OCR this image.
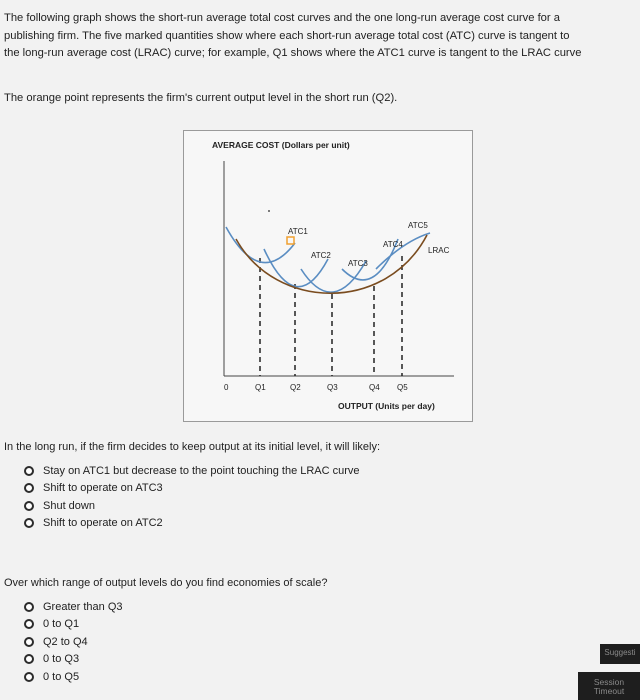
The following graph shows the short-run average total cost curves and the one long-run average cost curve for a

publishing firm. The five marked quantities show where each short-run average total cost (ATC) curve is tangent to

the long-run average cost (LRAC) curve; for example, Q1 shows where the ATC1 curve is tangent to the LRAC curve

The orange point represents the firm's current output level in the short run (Q2).
AVERAGE COST (Dollars per unit)
ATC1
ATC2
ATC3
ATC4
ATC5
LRAC
0	Q1	Q2	Q3	Q4 Q5
OUTPUT (Units per day)

In the long run, if the firm decides to keep output at its initial level, it will likely:

Stay on ATC1 but decrease to the point touching the LRAC curve
Shift to operate on ATC3
Shut down
Shift to operate on ATC2

Over which range of output levels do you find economies of scale?

Greater than Q3
0 to Q1
Q2 to Q4
0 to Q3
0 to Q5
Suggesti
Session
Timeout
